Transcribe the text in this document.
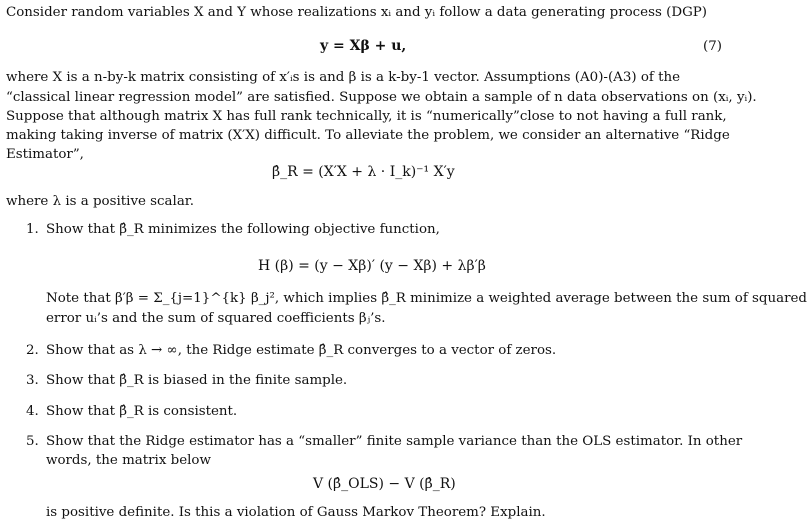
Consider random variables X and Y whose realizations xᵢ and yᵢ follow a data generating process (DGP)
y = Xβ + u,	(7)
where X is a n-by-k matrix consisting of x′ᵢs is and β is a k-by-1 vector. Assumptions (A0)-(A3) of the
“classical linear regression model” are satisfied. Suppose we obtain a sample of n data observations on (xᵢ, yᵢ).
Suppose that although matrix X has full rank technically, it is “numerically”close to not having a full rank,
making taking inverse of matrix (X′X) difficult. To alleviate the problem, we consider an alternative “Ridge
Estimator”,
β̂_R = (X′X + λ · I_k)⁻¹ X′y
where λ is a positive scalar.
1. Show that β̂_R minimizes the following objective function,
H (β) = (y − Xβ)′ (y − Xβ) + λβ′β
Note that β′β = Σ_{j=1}^{k} β_j², which implies β̂_R minimize a weighted average between the sum of squared
error uᵢ’s and the sum of squared coefficients βⱼ’s.
2. Show that as λ → ∞, the Ridge estimate β̂_R converges to a vector of zeros.
3. Show that β̂_R is biased in the finite sample.
4. Show that β̂_R is consistent.
5. Show that the Ridge estimator has a “smaller” finite sample variance than the OLS estimator. In other
words, the matrix below
V (β̂_OLS) − V (β̂_R)
is positive definite. Is this a violation of Gauss Markov Theorem? Explain.
